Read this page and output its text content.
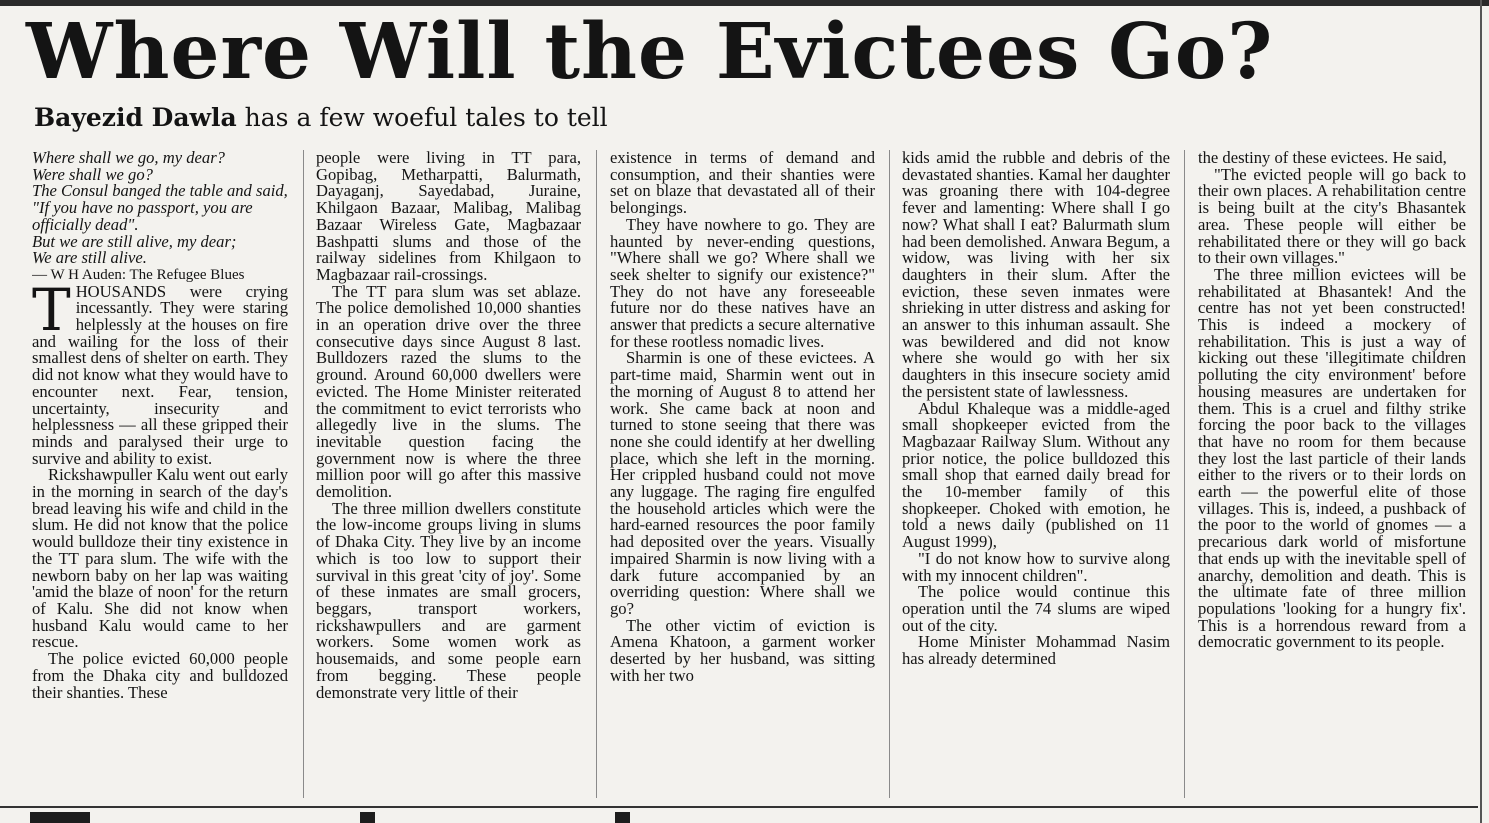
Where Will the Evictees Go?
Bayezid Dawla has a few woeful tales to tell
Where shall we go, my dear?
Were shall we go?
The Consul banged the table and said,
"If you have no passport, you are officially dead".
But we are still alive, my dear;
We are still alive.
— W H Auden: The Refugee Blues

THOUSANDS were crying incessantly. They were staring helplessly at the houses on fire and wailing for the loss of their smallest dens of shelter on earth. They did not know what they would have to encounter next. Fear, tension, uncertainty, insecurity and helplessness — all these gripped their minds and paralysed their urge to survive and ability to exist.

Rickshawpuller Kalu went out early in the morning in search of the day's bread leaving his wife and child in the slum. He did not know that the police would bulldoze their tiny existence in the TT para slum. The wife with the newborn baby on her lap was waiting 'amid the blaze of noon' for the return of Kalu. She did not know when husband Kalu would came to her rescue.

The police evicted 60,000 people from the Dhaka city and bulldozed their shanties. These

people were living in TT para, Gopibag, Metharpatti, Balurmath, Dayaganj, Sayedabad, Juraine, Khilgaon Bazaar, Malibag, Malibag Bazaar Wireless Gate, Magbazaar Bashpatti slums and those of the railway sidelines from Khilgaon to Magbazaar rail-crossings.

The TT para slum was set ablaze. The police demolished 10,000 shanties in an operation drive over the three consecutive days since August 8 last. Bulldozers razed the slums to the ground. Around 60,000 dwellers were evicted. The Home Minister reiterated the commitment to evict terrorists who allegedly live in the slums. The inevitable question facing the government now is where the three million poor will go after this massive demolition.

The three million dwellers constitute the low-income groups living in slums of Dhaka City. They live by an income which is too low to support their survival in this great 'city of joy'. Some of these inmates are small grocers, beggars, transport workers, rickshawpullers and are garment workers. Some women work as housemaids, and some people earn from begging. These people demonstrate very little of their

existence in terms of demand and consumption, and their shanties were set on blaze that devastated all of their belongings.

They have nowhere to go. They are haunted by never-ending questions, "Where shall we go? Where shall we seek shelter to signify our existence?" They do not have any foreseeable future nor do these natives have an answer that predicts a secure alternative for these rootless nomadic lives.

Sharmin is one of these evictees. A part-time maid, Sharmin went out in the morning of August 8 to attend her work. She came back at noon and turned to stone seeing that there was none she could identify at her dwelling place, which she left in the morning. Her crippled husband could not move any luggage. The raging fire engulfed the household articles which were the hard-earned resources the poor family had deposited over the years. Visually impaired Sharmin is now living with a dark future accompanied by an overriding question: Where shall we go?

The other victim of eviction is Amena Khatoon, a garment worker deserted by her husband, was sitting with her two

kids amid the rubble and debris of the devastated shanties. Kamal her daughter was groaning there with 104-degree fever and lamenting: Where shall I go now? What shall I eat? Balurmath slum had been demolished. Anwara Begum, a widow, was living with her six daughters in their slum. After the eviction, these seven inmates were shrieking in utter distress and asking for an answer to this inhuman assault. She was bewildered and did not know where she would go with her six daughters in this insecure society amid the persistent state of lawlessness.

Abdul Khaleque was a middle-aged small shopkeeper evicted from the Magbazaar Railway Slum. Without any prior notice, the police bulldozed this small shop that earned daily bread for the 10-member family of this shopkeeper. Choked with emotion, he told a news daily (published on 11 August 1999),

"I do not know how to survive along with my innocent children".

The police would continue this operation until the 74 slums are wiped out of the city.

Home Minister Mohammad Nasim has already determined

the destiny of these evictees. He said,

"The evicted people will go back to their own places. A rehabilitation centre is being built at the city's Bhasantek area. These people will either be rehabilitated there or they will go back to their own villages."

The three million evictees will be rehabilitated at Bhasantek! And the centre has not yet been constructed! This is indeed a mockery of rehabilitation. This is just a way of kicking out these 'illegitimate children polluting the city environment' before housing measures are undertaken for them. This is a cruel and filthy strike forcing the poor back to the villages that have no room for them because they lost the last particle of their lands either to the rivers or to their lords on earth — the powerful elite of those villages. This is, indeed, a pushback of the poor to the world of gnomes — a precarious dark world of misfortune that ends up with the inevitable spell of anarchy, demolition and death. This is the ultimate fate of three million populations 'looking for a hungry fix'. This is a horrendous reward from a democratic government to its people.
